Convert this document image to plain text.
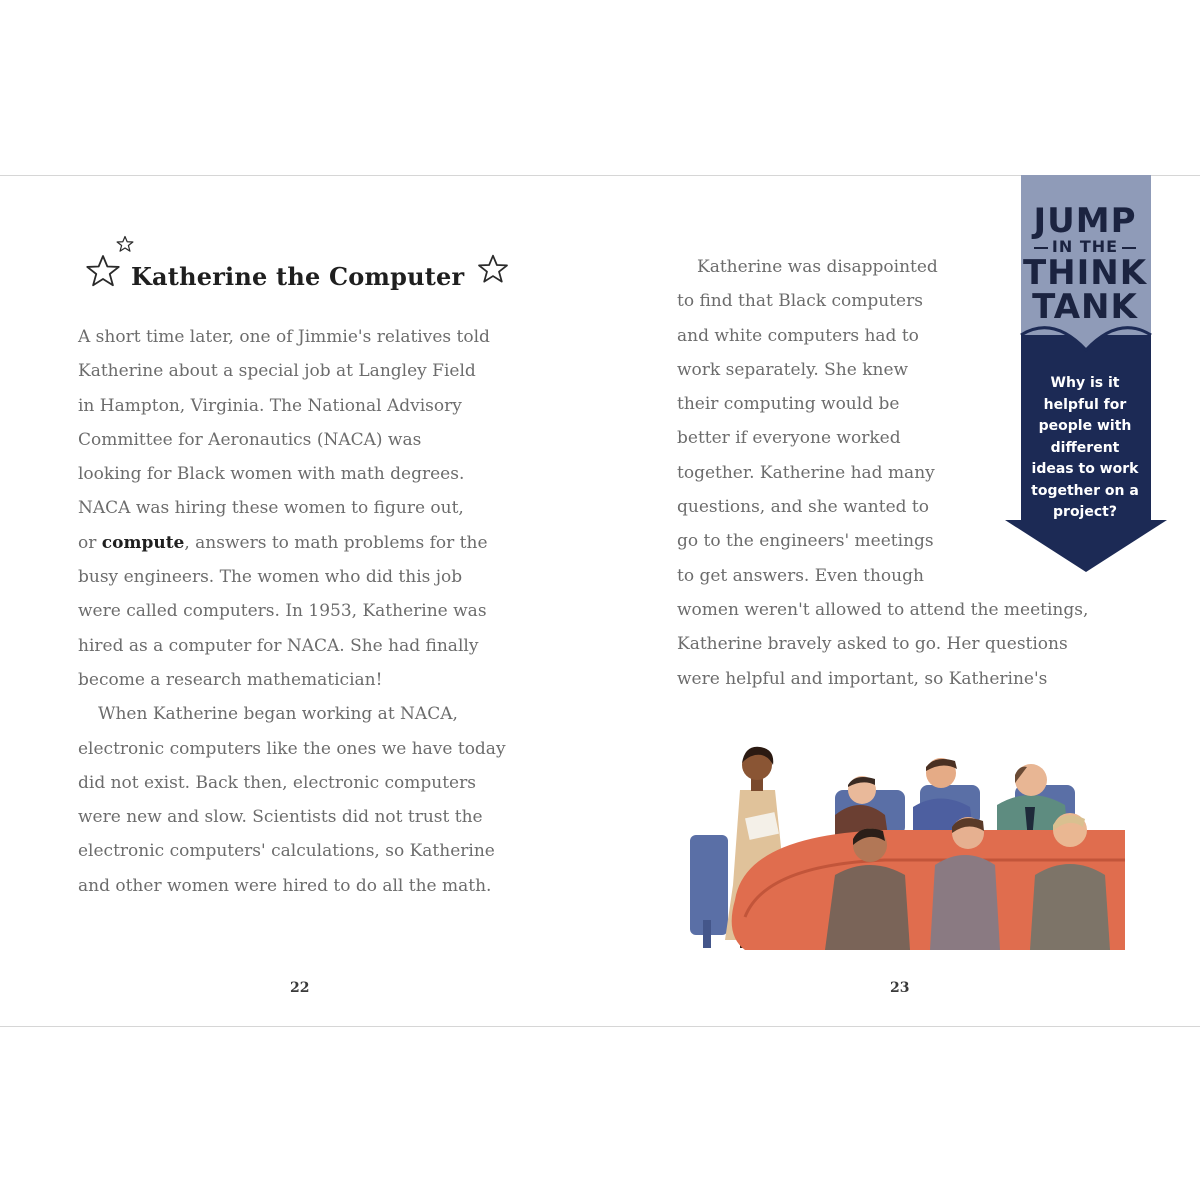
Katherine the Computer
A short time later, one of Jimmie's relatives told
Katherine about a special job at Langley Field
in Hampton, Virginia. The National Advisory
Committee for Aeronautics (NACA) was
looking for Black women with math degrees.
NACA was hiring these women to figure out,
or compute, answers to math problems for the
busy engineers. The women who did this job
were called computers. In 1953, Katherine was
hired as a computer for NACA. She had finally
become a research mathematician!
When Katherine began working at NACA,
electronic computers like the ones we have today
did not exist. Back then, electronic computers
were new and slow. Scientists did not trust the
electronic computers' calculations, so Katherine
and other women were hired to do all the math.
Katherine was disappointed
to find that Black computers
and white computers had to
work separately. She knew
their computing would be
better if everyone worked
together. Katherine had many
questions, and she wanted to
go to the engineers' meetings
to get answers. Even though
women weren't allowed to attend the meetings,
Katherine bravely asked to go. Her questions
were helpful and important, so Katherine's
JUMP
IN THE
THINK
TANK
Why is it
helpful for
people with
different
ideas to work
together on a
project?
22	23
